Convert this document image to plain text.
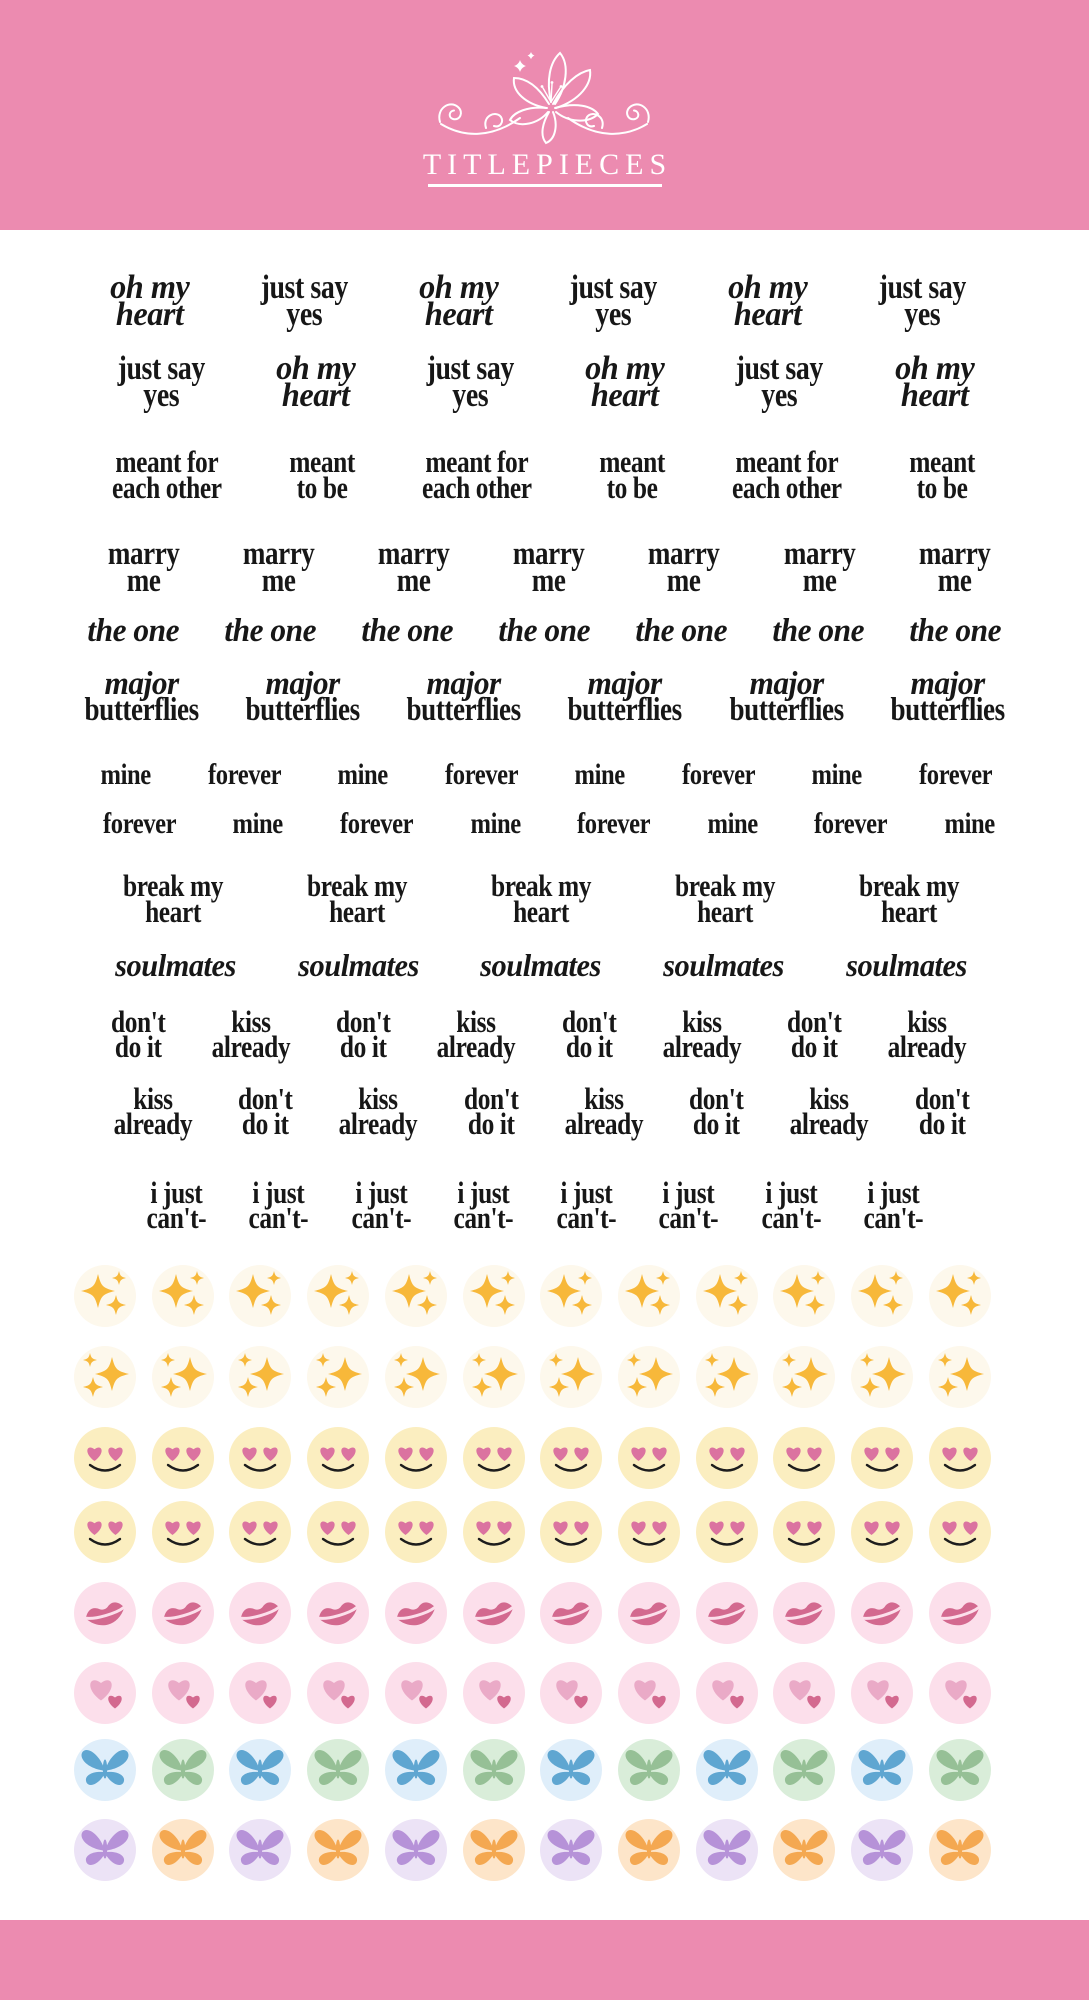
TITLEPIECES
oh my
heart
just say
yes
oh my
heart
just say
yes
oh my
heart
just say
yes
just say
yes
oh my
heart
just say
yes
oh my
heart
just say
yes
oh my
heart
meant for
each other
meant
to be
meant for
each other
meant
to be
meant for
each other
meant
to be
marry
me
marry
me
marry
me
marry
me
marry
me
marry
me
marry
me
the one the one the one the one the one the one the one
major
butterflies
major
butterflies
major
butterflies
major
butterflies
major
butterflies
major
butterflies
mine forever mine forever mine forever mine forever
forever mine forever mine forever mine forever mine
break my
heart
break my
heart
break my
heart
break my
heart
break my
heart
soulmates soulmates soulmates soulmates soulmates
don't
do it
kiss
already
don't
do it
kiss
already
don't
do it
kiss
already
don't
do it
kiss
already
kiss
already
don't
do it
kiss
already
don't
do it
kiss
already
don't
do it
kiss
already
don't
do it
i just
can't-
i just
can't-
i just
can't-
i just
can't-
i just
can't-
i just
can't-
i just
can't-
i just
can't-
